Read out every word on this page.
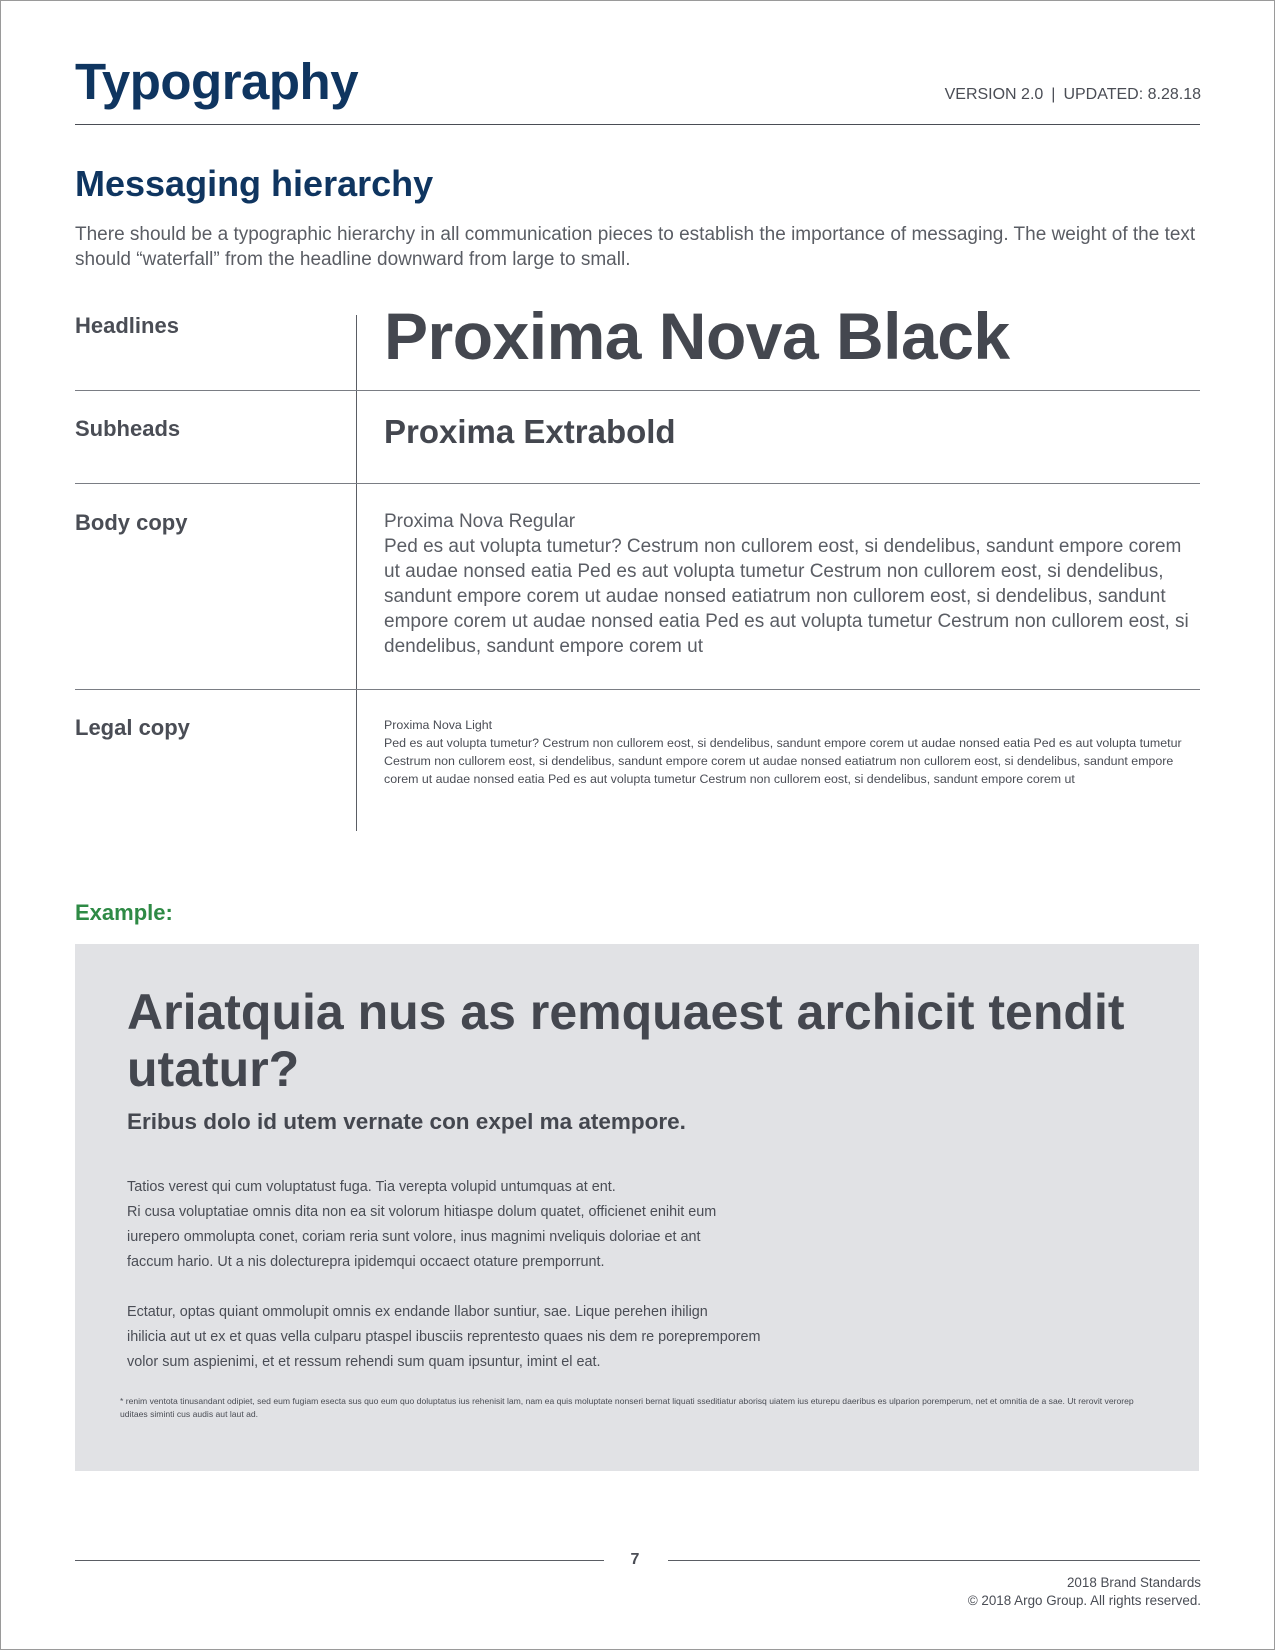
Typography	VERSION 2.0 | UPDATED: 8.28.18
Messaging hierarchy
There should be a typographic hierarchy in all communication pieces to establish the importance of messaging. The weight of the text should “waterfall” from the headline downward from large to small.
Headlines	Proxima Nova Black
Subheads	Proxima Extrabold
Body copy	Proxima Nova Regular
Ped es aut volupta tumetur? Cestrum non cullorem eost, si dendelibus, sandunt empore corem ut audae nonsed eatia Ped es aut volupta tumetur Cestrum non cullorem eost, si dendelibus, sandunt empore corem ut audae nonsed eatiatrum non cullorem eost, si dendelibus, sandunt empore corem ut audae nonsed eatia Ped es aut volupta tumetur Cestrum non cullorem eost, si dendelibus, sandunt empore corem ut
Legal copy	Proxima Nova Light
Ped es aut volupta tumetur? Cestrum non cullorem eost, si dendelibus, sandunt empore corem ut audae nonsed eatia Ped es aut volupta tumetur Cestrum non cullorem eost, si dendelibus, sandunt empore corem ut audae nonsed eatiatrum non cullorem eost, si dendelibus, sandunt empore corem ut audae nonsed eatia Ped es aut volupta tumetur Cestrum non cullorem eost, si dendelibus, sandunt empore corem ut
Example:
Ariatquia nus as remquaest archicit tendit utatur?
Eribus dolo id utem vernate con expel ma atempore.
Tatios verest qui cum voluptatust fuga. Tia verepta volupid untumquas at ent.
Ri cusa voluptatiae omnis dita non ea sit volorum hitiaspe dolum quatet, officienet enihit eum
iurepero ommolupta conet, coriam reria sunt volore, inus magnimi nveliquis doloriae et ant
faccum hario. Ut a nis dolecturepra ipidemqui occaect otature premporrunt.
Ectatur, optas quiant ommolupit omnis ex endande llabor suntiur, sae. Lique perehen ihilign
ihilicia aut ut ex et quas vella culparu ptaspel ibusciis reprentesto quaes nis dem re porepremporem
volor sum aspienimi, et et ressum rehendi sum quam ipsuntur, imint el eat.
* renim ventota tinusandant odipiet, sed eum fugiam esecta sus quo eum quo doluptatus ius rehenisit lam, nam ea quis moluptate nonseri bernat liquati sseditiatur aborisq uiatem ius eturepu daeribus es ulparion poremperum, net et omnitia de a sae. Ut rerovit verorep uditaes siminti cus audis aut laut ad.
7
2018 Brand Standards
© 2018 Argo Group. All rights reserved.
